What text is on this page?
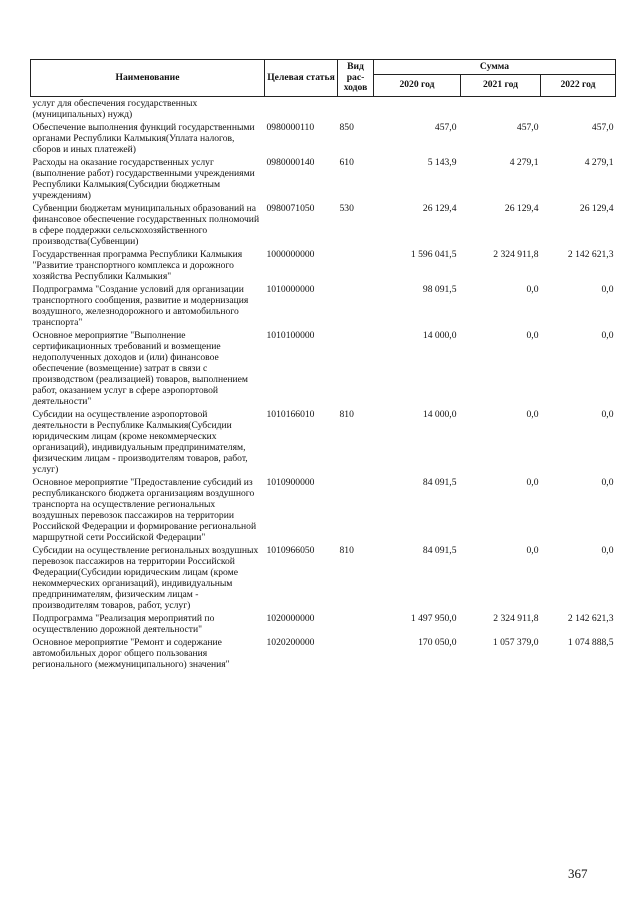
Наименование	Целевая статья	Вид
рас-
ходов	Сумма		
			2020 год	2021 год	2022 год
услуг для обеспечения государственных (муниципальных) нужд)					
Обеспечение выполнения функций государственными органами Республики Калмыкия(Уплата налогов, сборов и иных платежей)	0980000110	850	457,0	457,0	457,0
Расходы на оказание государственных услуг (выполнение работ) государственными учреждениями Республики Калмыкия(Субсидии бюджетным учреждениям)	0980000140	610	5 143,9	4 279,1	4 279,1
Субвенции бюджетам муниципальных образований на финансовое обеспечение государственных полномочий в сфере поддержки сельскохозяйственного производства(Субвенции)	0980071050	530	26 129,4	26 129,4	26 129,4
Государственная программа Республики Калмыкия "Развитие транспортного комплекса и дорожного хозяйства Республики Калмыкия"	1000000000		1 596 041,5	2 324 911,8	2 142 621,3
Подпрограмма "Создание условий для организации транспортного сообщения, развитие и модернизация воздушного, железнодорожного и автомобильного транспорта"	1010000000		98 091,5	0,0	0,0
Основное мероприятие "Выполнение сертификационных требований и возмещение недополученных доходов и (или) финансовое обеспечение (возмещение) затрат в связи с производством (реализацией) товаров, выполнением работ, оказанием услуг в сфере аэропортовой деятельности"	1010100000		14 000,0	0,0	0,0
Субсидии на осуществление аэропортовой деятельности в Республике Калмыкия(Субсидии юридическим лицам (кроме некоммерческих организаций), индивидуальным предпринимателям, физическим лицам - производителям товаров, работ, услуг)	1010166010	810	14 000,0	0,0	0,0
Основное мероприятие "Предоставление субсидий из республиканского бюджета организациям воздушного транспорта на осуществление региональных воздушных перевозок пассажиров на территории Российской Федерации и формирование региональной маршрутной сети Российской Федерации"	1010900000		84 091,5	0,0	0,0
Субсидии на осуществление региональных воздушных перевозок пассажиров на территории Российской Федерации(Субсидии юридическим лицам (кроме некоммерческих организаций), индивидуальным предпринимателям, физическим лицам - производителям товаров, работ, услуг)	1010966050	810	84 091,5	0,0	0,0
Подпрограмма "Реализация мероприятий по осуществлению дорожной деятельности"	1020000000		1 497 950,0	2 324 911,8	2 142 621,3
Основное мероприятие "Ремонт и содержание автомобильных дорог общего пользования регионального (межмуниципального) значения"	1020200000		170 050,0	1 057 379,0	1 074 888,5
367
